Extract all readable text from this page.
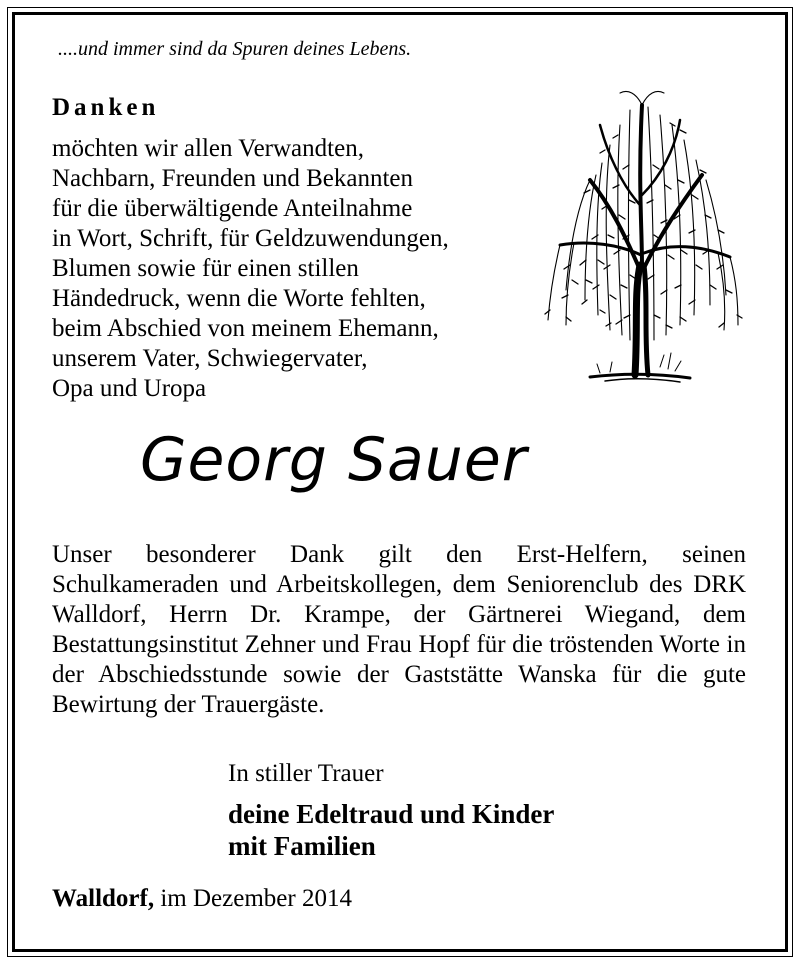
....und immer sind da Spuren deines Lebens.
Danken
möchten wir allen Verwandten,
Nachbarn, Freunden und Bekannten
für die überwältigende Anteilnahme
in Wort, Schrift, für Geldzuwendungen,
Blumen sowie für einen stillen
Händedruck, wenn die Worte fehlten,
beim Abschied von meinem Ehemann,
unserem Vater, Schwiegervater,
Opa und Uropa
Georg Sauer
Unser besonderer Dank gilt den Erst-Helfern, seinen Schulkameraden und Arbeitskollegen, dem Seniorenclub des DRK Walldorf, Herrn Dr. Krampe, der Gärtnerei Wiegand, dem Bestattungsinstitut Zehner und Frau Hopf für die tröstenden Worte in der Abschiedsstunde sowie der Gaststätte Wanska für die gute Bewirtung der Trauergäste.
In stiller Trauer
deine Edeltraud und Kinder
mit Familien
Walldorf, im Dezember 2014
